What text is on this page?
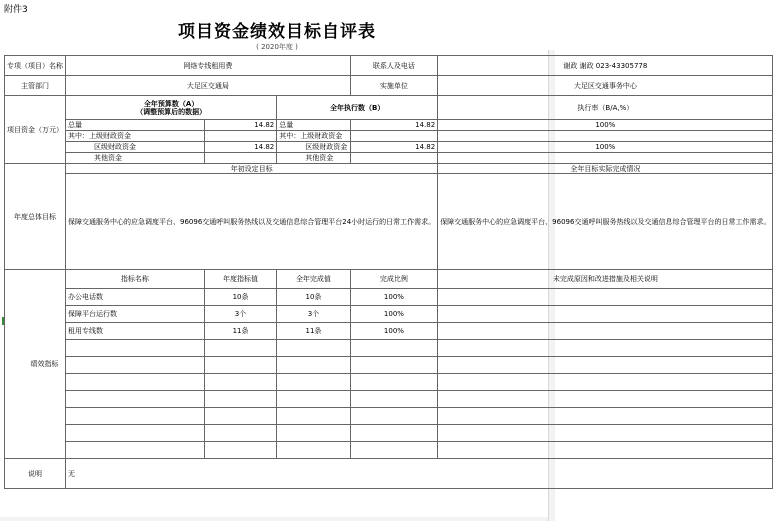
附件3
项目资金绩效目标自评表
( 2020年度 )
专项（项目）名称	网络专线租用费			联系人及电话	谢政 谢政 023-43305778
主管部门	大足区交通局			实施单位	大足区交通事务中心
项目资金（万元）	全年预算数（A）
（调整预算后的数据）		全年执行数（B）		执行率（B/A,%）
	总量	14.82	总量	14.82	100%
	其中：上级财政资金		其中：上级财政资金		
	区级财政资金	14.82	区级财政资金	14.82	100%
	其他资金		其他资金		
年度总体目标	年初设定目标				全年目标实际完成情况
	保障交通服务中心的应急调度平台、96096交通呼叫服务热线以及交通信息综合管理平台24小时运行的日常工作需求。				保障交通服务中心的应急调度平台、96096交通呼叫服务热线以及交通信息综合管理平台的日常工作需求。
绩效指标	指标名称	年度指标值	全年完成值	完成比例	未完成原因和改进措施及相关说明
	办公电话数	10条	10条	100%	
	保障平台运行数	3个	3个	100%	
	租用专线数	11条	11条	100%	

说明	无				
